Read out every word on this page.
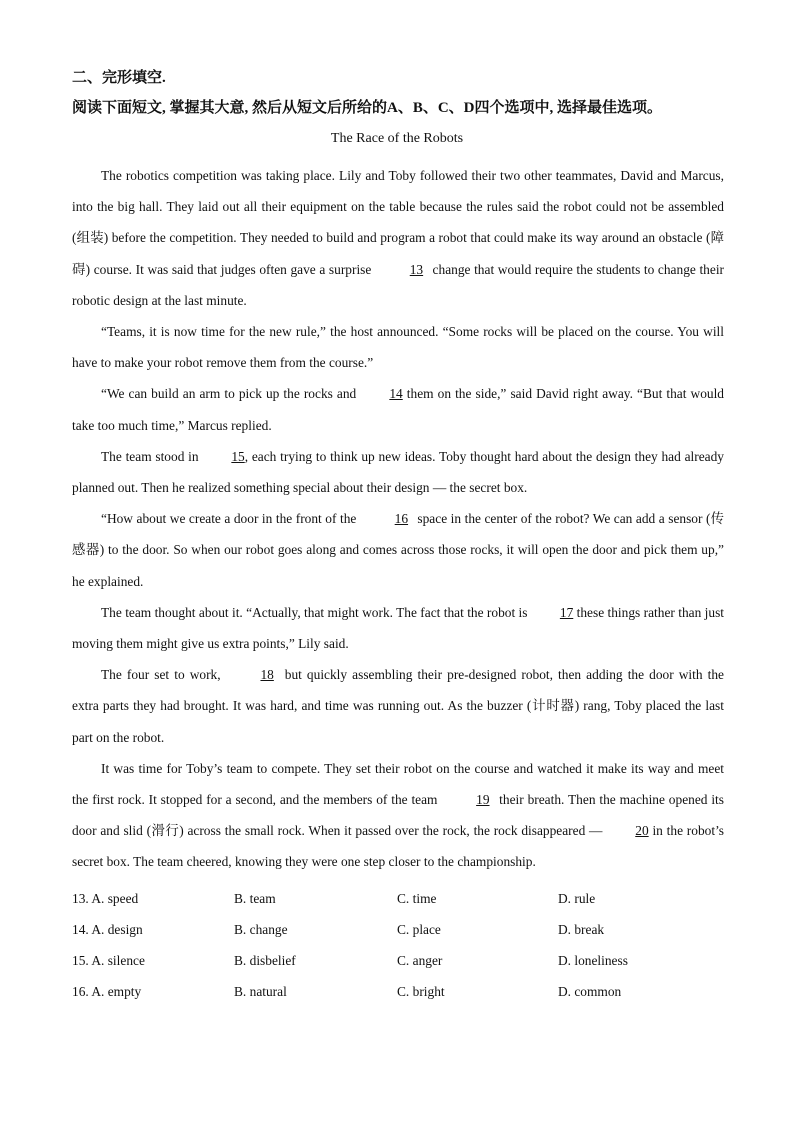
二、完形填空.
阅读下面短文, 掌握其大意, 然后从短文后所给的A、B、C、D四个选项中, 选择最佳选项。
The Race of the Robots

The robotics competition was taking place. Lily and Toby followed their two other teammates, David and Marcus, into the big hall. They laid out all their equipment on the table because the rules said the robot could not be assembled (组装) before the competition. They needed to build and program a robot that could make its way around an obstacle (障碍) course. It was said that judges often gave a surprise	13 change that would require the students to change their robotic design at the last minute.

“Teams, it is now time for the new rule,” the host announced. “Some rocks will be placed on the course. You will have to make your robot remove them from the course.”

“We can build an arm to pick up the rocks and 14 them on the side,” said David right away. “But that would take too much time,” Marcus replied.

The team stood in 15, each trying to think up new ideas. Toby thought hard about the design they had already planned out. Then he realized something special about their design — the secret box.

“How about we create a door in the front of the	16 space in the center of the robot? We can add a sensor (传感器) to the door. So when our robot goes along and comes across those rocks, it will open the door and pick them up,” he explained.

The team thought about it. “Actually, that might work. The fact that the robot is 17 these things rather than just moving them might give us extra points,” Lily said.

The four set to work,	18 but quickly assembling their pre-designed robot, then adding the door with the extra parts they had brought. It was hard, and time was running out. As the buzzer (计时器) rang, Toby placed the last part on the robot.

It was time for Toby’s team to compete. They set their robot on the course and watched it make its way and meet the first rock. It stopped for a second, and the members of the team	19 their breath. Then the machine opened its door and slid (滑行) across the small rock. When it passed over the rock, the rock disappeared — 20 in the robot’s secret box. The team cheered, knowing they were one step closer to the championship.

13. A. speed	B. team	C. time	D. rule
14. A. design	B. change	C. place	D. break
15. A. silence	B. disbelief	C. anger	D. loneliness
16. A. empty	B. natural	C. bright	D. common
